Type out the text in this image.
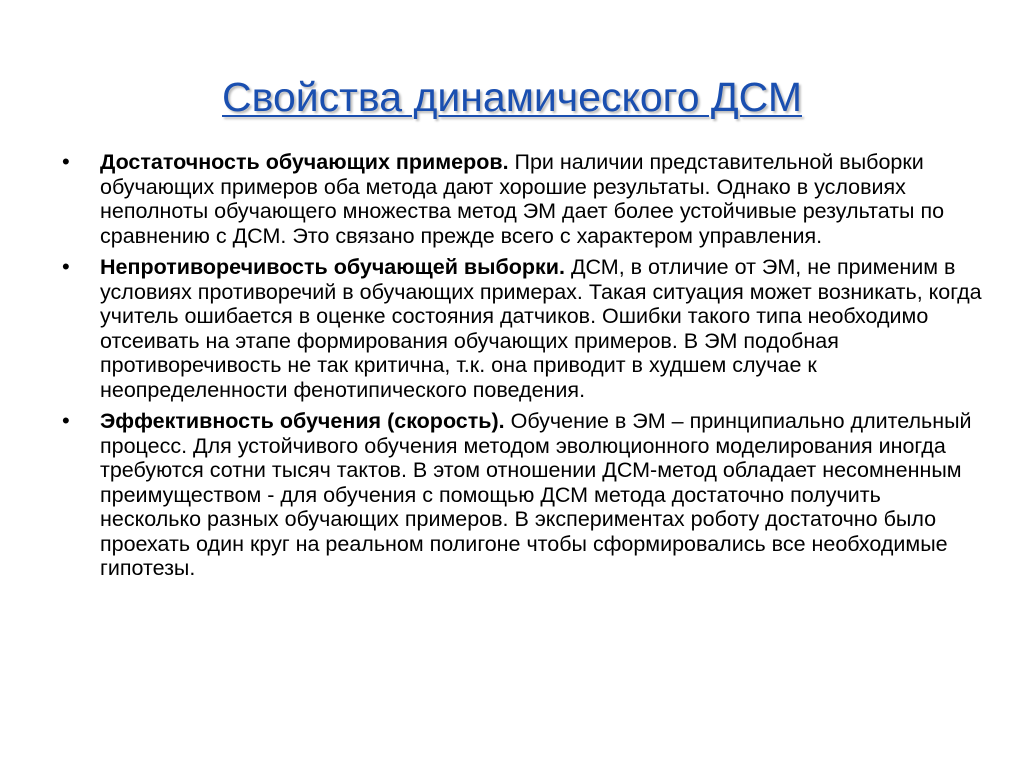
Свойства динамического ДСМ
• Достаточность обучающих примеров. При наличии представительной выборки обучающих примеров оба метода дают хорошие результаты. Однако в условиях неполноты обучающего множества метод ЭМ дает более устойчивые результаты по сравнению с ДСМ. Это связано прежде всего с характером управления.
• Непротиворечивость обучающей выборки. ДСМ, в отличие от ЭМ, не применим в условиях противоречий в обучающих примерах. Такая ситуация может возникать, когда учитель ошибается в оценке состояния датчиков. Ошибки такого типа необходимо отсеивать на этапе формирования обучающих примеров. В ЭМ подобная противоречивость не так критична, т.к. она приводит в худшем случае к неопределенности фенотипического поведения.
• Эффективность обучения (скорость). Обучение в ЭМ – принципиально длительный процесс. Для устойчивого обучения методом эволюционного моделирования иногда требуются сотни тысяч тактов. В этом отношении ДСМ-метод обладает несомненным преимуществом - для обучения с помощью ДСМ метода достаточно получить несколько разных обучающих примеров. В экспериментах роботу достаточно было проехать один круг на реальном полигоне чтобы сформировались все необходимые гипотезы.
